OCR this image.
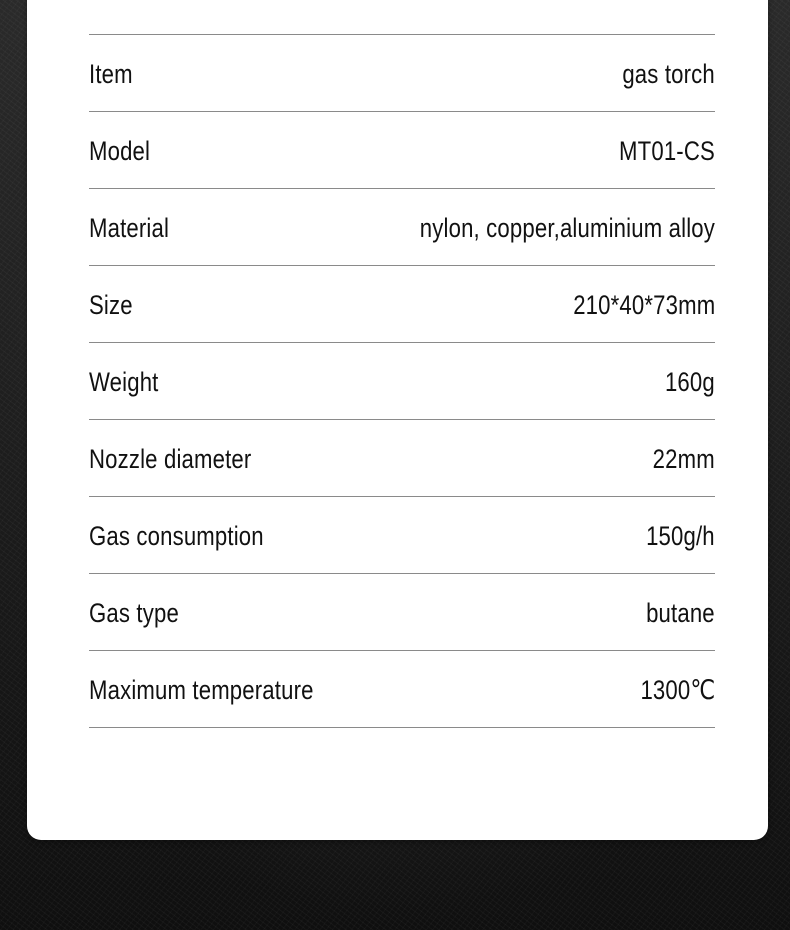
Item	gas torch
Model	MT01-CS
Material	nylon, copper,aluminium alloy
Size	210*40*73mm
Weight	160g
Nozzle diameter	22mm
Gas consumption	150g/h
Gas type	butane
Maximum temperature	1300℃
